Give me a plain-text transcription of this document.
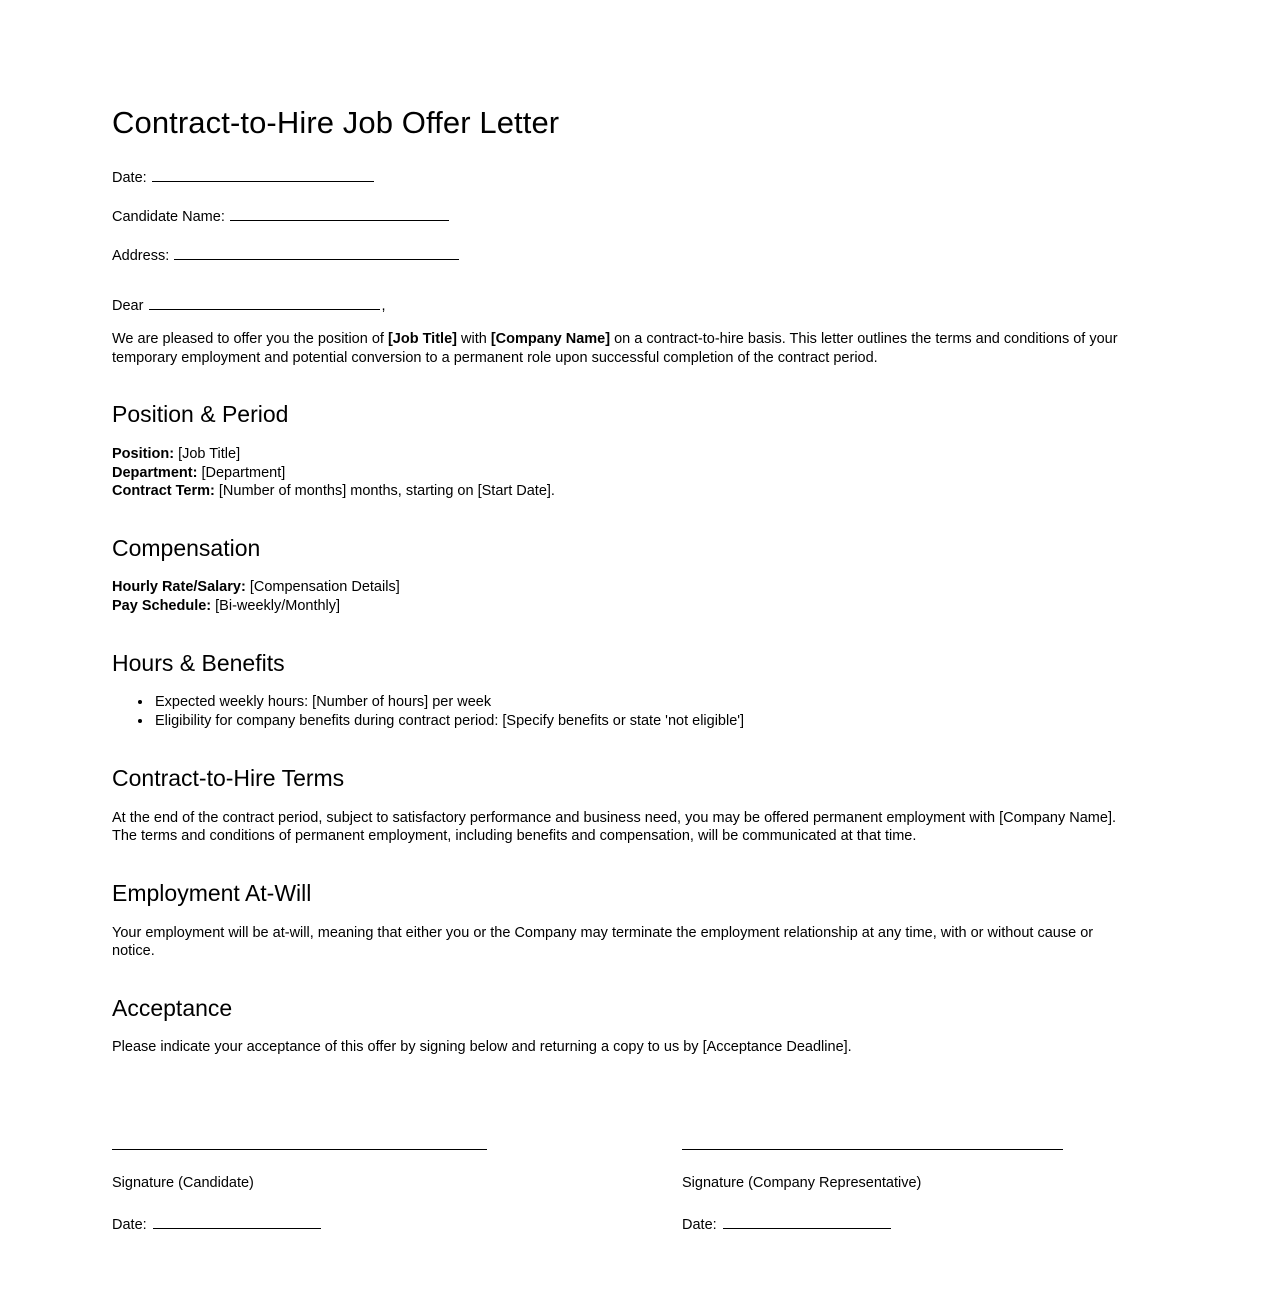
Contract-to-Hire Job Offer Letter
Date:
Candidate Name:
Address:
Dear	,

We are pleased to offer you the position of [Job Title] with [Company Name] on a contract-to-hire basis. This letter outlines the terms and conditions of your temporary employment and potential conversion to a permanent role upon successful completion of the contract period.

Position & Period
Position: [Job Title]
Department: [Department]
Contract Term: [Number of months] months, starting on [Start Date].
Compensation
Hourly Rate/Salary: [Compensation Details]
Pay Schedule: [Bi-weekly/Monthly]
Hours & Benefits
• Expected weekly hours: [Number of hours] per week
• Eligibility for company benefits during contract period: [Specify benefits or state 'not eligible']
Contract-to-Hire Terms

At the end of the contract period, subject to satisfactory performance and business need, you may be offered permanent employment with [Company Name]. The terms and conditions of permanent employment, including benefits and compensation, will be communicated at that time.

Employment At-Will

Your employment will be at-will, meaning that either you or the Company may terminate the employment relationship at any time, with or without cause or notice.

Acceptance

Please indicate your acceptance of this offer by signing below and returning a copy to us by [Acceptance Deadline].

Signature (Candidate)
Date:
Signature (Company Representative)
Date:
